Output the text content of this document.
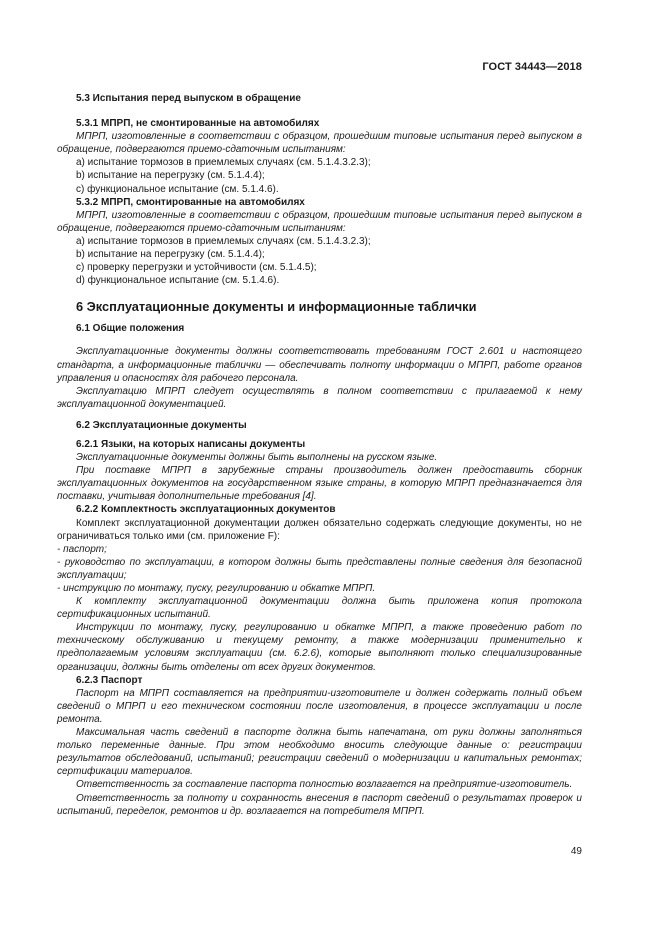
ГОСТ 34443—2018
5.3 Испытания перед выпуском в обращение
5.3.1 МПРП, не смонтированные на автомобилях
МПРП, изготовленные в соответствии с образцом, прошедшим типовые испытания перед выпуском в обращение, подвергаются приемо-сдаточным испытаниям:
a) испытание тормозов в приемлемых случаях (см. 5.1.4.3.2.3);
b) испытание на перегрузку (см. 5.1.4.4);
c) функциональное испытание (см. 5.1.4.6).
5.3.2 МПРП, смонтированные на автомобилях
МПРП, изготовленные в соответствии с образцом, прошедшим типовые испытания перед выпуском в обращение, подвергаются приемо-сдаточным испытаниям:
a) испытание тормозов в приемлемых случаях (см. 5.1.4.3.2.3);
b) испытание на перегрузку (см. 5.1.4.4);
c) проверку перегрузки и устойчивости (см. 5.1.4.5);
d) функциональное испытание (см. 5.1.4.6).
6 Эксплуатационные документы и информационные таблички
6.1 Общие положения
Эксплуатационные документы должны соответствовать требованиям ГОСТ 2.601 и настоящего стандарта, а информационные таблички — обеспечивать полноту информации о МПРП, работе органов управления и опасностях для рабочего персонала.
Эксплуатацию МПРП следует осуществлять в полном соответствии с прилагаемой к нему эксплуатационной документацией.
6.2 Эксплуатационные документы
6.2.1 Языки, на которых написаны документы
Эксплуатационные документы должны быть выполнены на русском языке.
При поставке МПРП в зарубежные страны производитель должен предоставить сборник эксплуатационных документов на государственном языке страны, в которую МПРП предназначается для поставки, учитывая дополнительные требования [4].
6.2.2 Комплектность эксплуатационных документов
Комплект эксплуатационной документации должен обязательно содержать следующие документы, но не ограничиваться только ими (см. приложение F):
- паспорт;
- руководство по эксплуатации, в котором должны быть представлены полные сведения для безопасной эксплуатации;
- инструкцию по монтажу, пуску, регулированию и обкатке МПРП.
К комплекту эксплуатационной документации должна быть приложена копия протокола сертификационных испытаний.
Инструкции по монтажу, пуску, регулированию и обкатке МПРП, а также проведению работ по техническому обслуживанию и текущему ремонту, а также модернизации применительно к предполагаемым условиям эксплуатации (см. 6.2.6), которые выполняют только специализированные организации, должны быть отделены от всех других документов.
6.2.3 Паспорт
Паспорт на МПРП составляется на предприятии-изготовителе и должен содержать полный объем сведений о МПРП и его техническом состоянии после изготовления, в процессе эксплуатации и после ремонта.
Максимальная часть сведений в паспорте должна быть напечатана, от руки должны заполняться только переменные данные. При этом необходимо вносить следующие данные о: регистрации результатов обследований, испытаний; регистрации сведений о модернизации и капитальных ремонтах; сертификации материалов.
Ответственность за составление паспорта полностью возлагается на предприятие-изготовитель.
Ответственность за полноту и сохранность внесения в паспорт сведений о результатах проверок и испытаний, переделок, ремонтов и др. возлагается на потребителя МПРП.
49
